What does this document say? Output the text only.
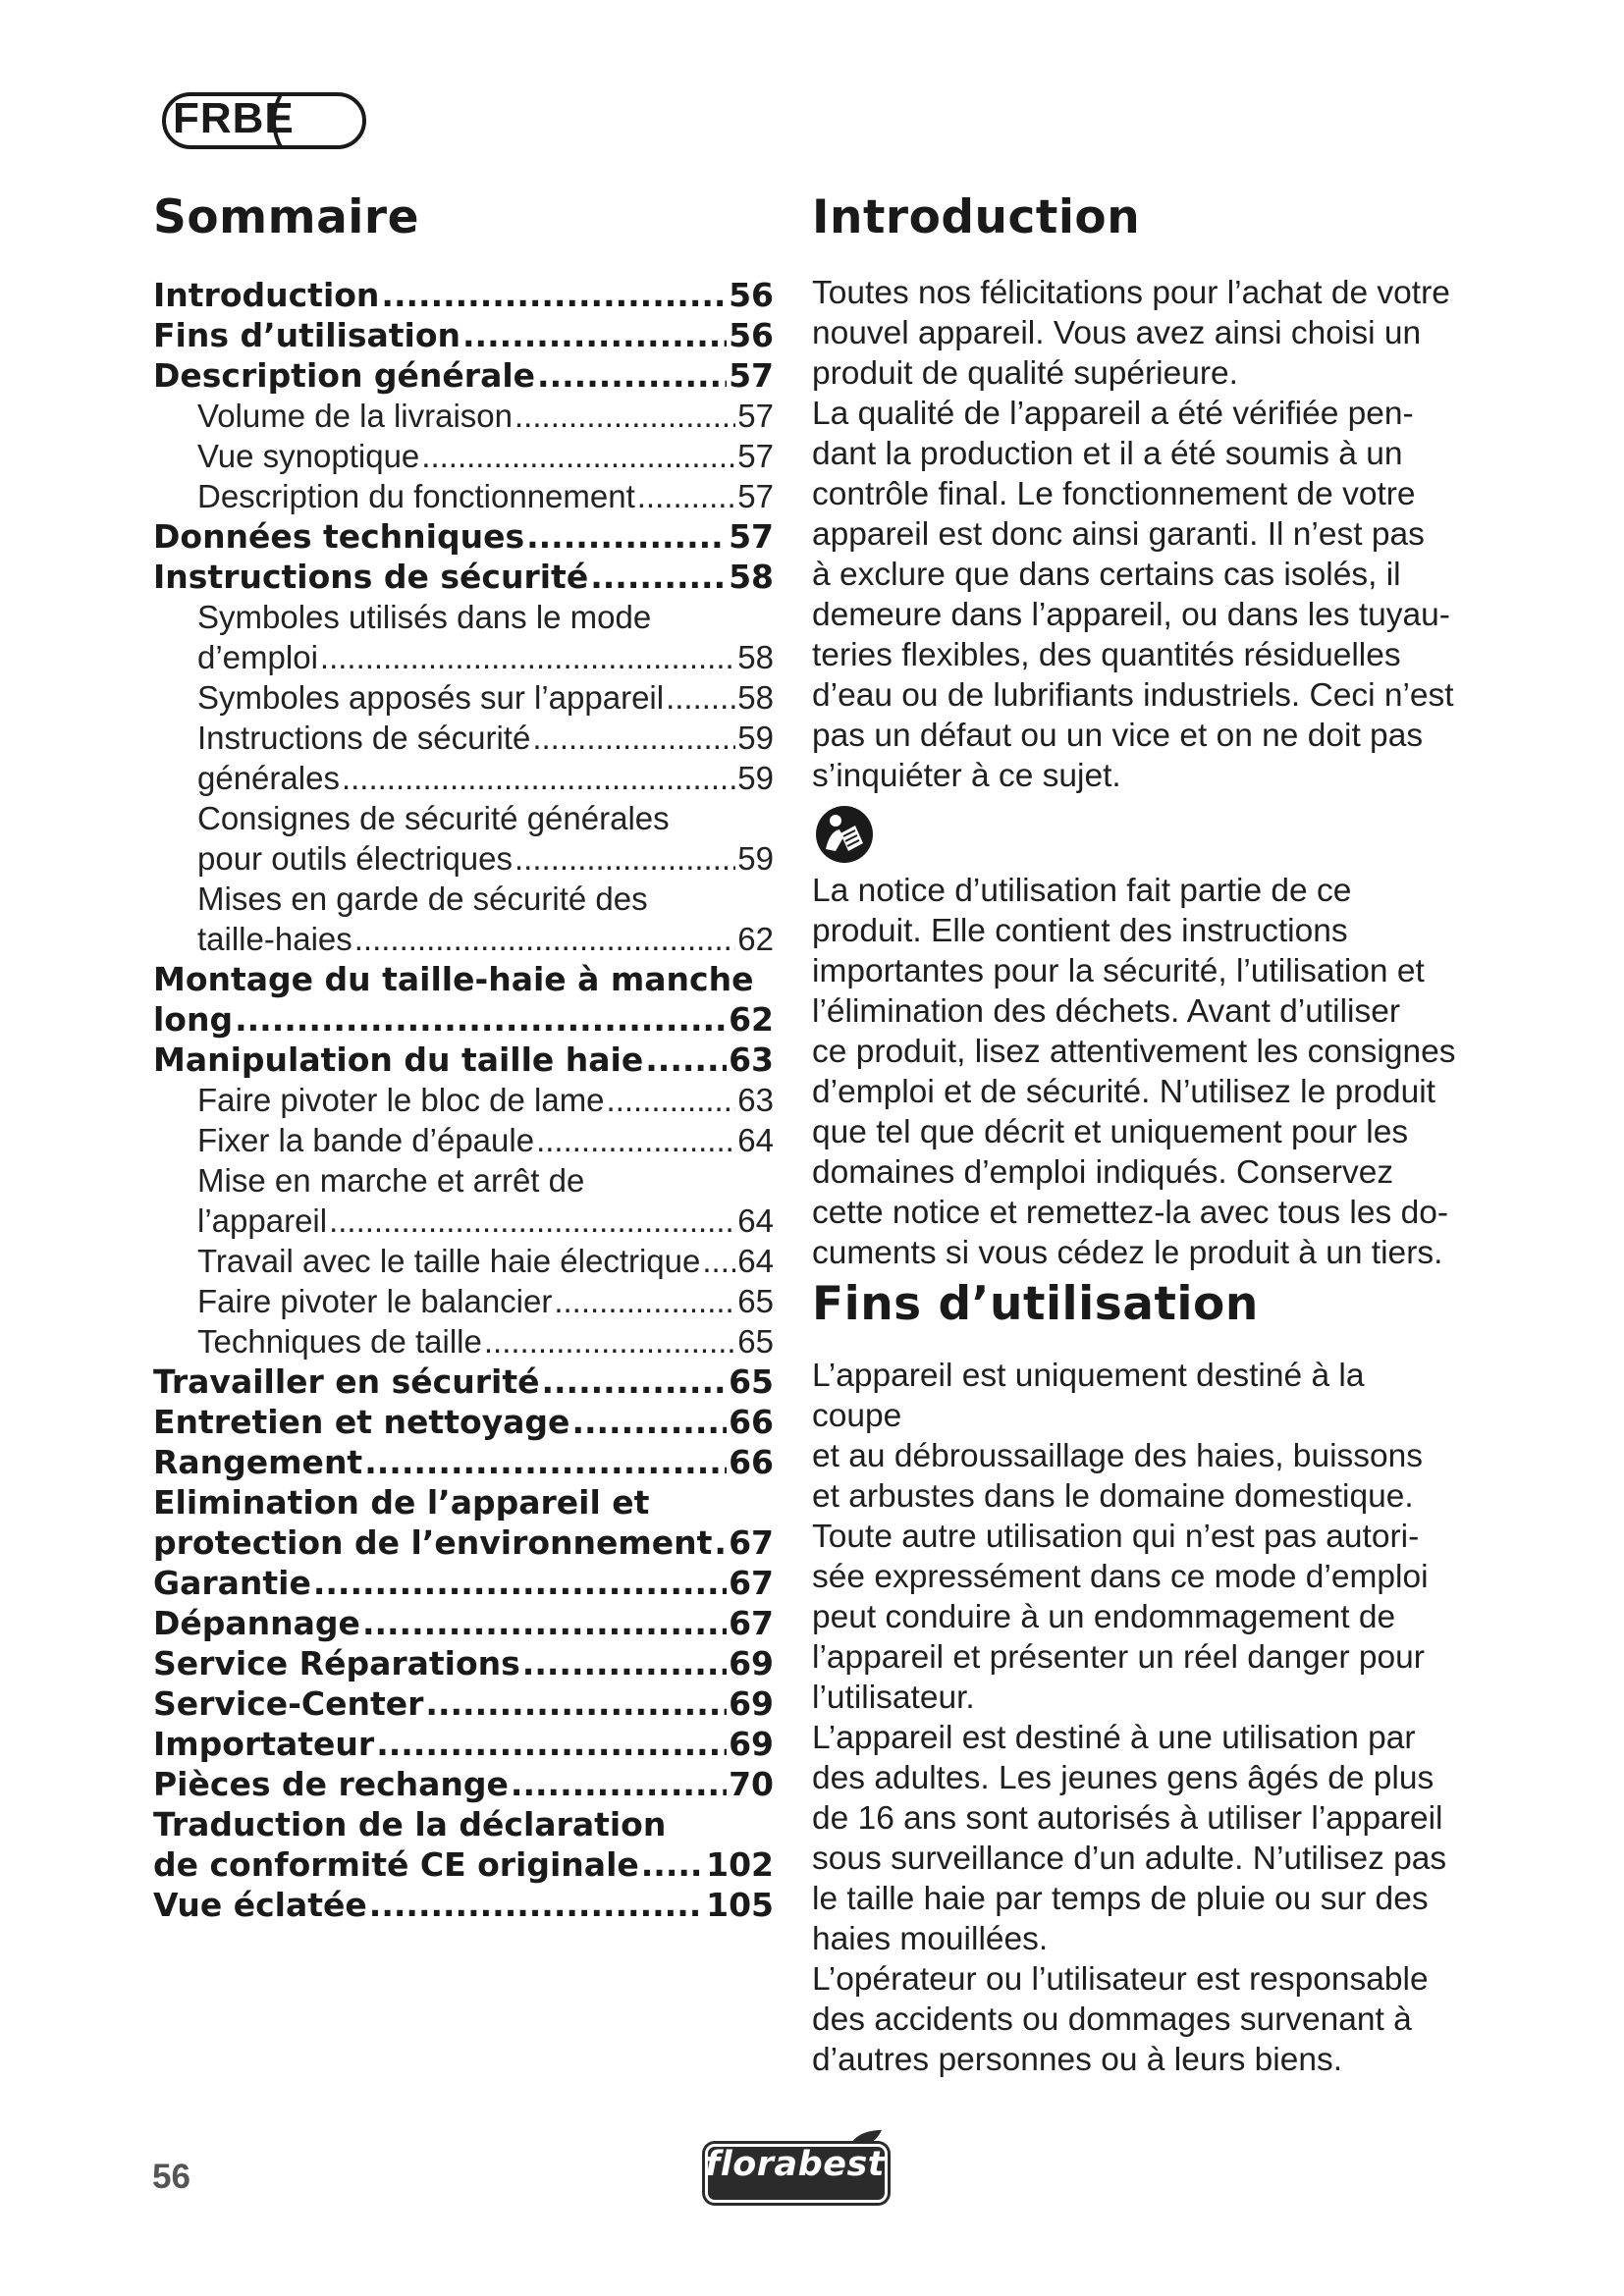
FRBE
Sommaire
Introduction .....	56
Fins d’utilisation .....	56
Description générale .....	57
Volume de la livraison .....	57
Vue synoptique .....	57
Description du fonctionnement .....	57
Données techniques .....	57
Instructions de sécurité .....	58
Symboles utilisés dans le mode
d’emploi .....	58
Symboles apposés sur l’appareil ..... 58
Instructions de sécurité .....	59
générales .....	59
Consignes de sécurité générales
pour outils électriques .....	59
Mises en garde de sécurité des
taille-haies .....	62
Montage du taille-haie à manche
long .....	62
Manipulation du taille haie .....	63
Faire pivoter le bloc de lame .....	63
Fixer la bande d’épaule .....	64
Mise en marche et arrêt de
l’appareil .....	64
Travail avec le taille haie électrique ..... 64
Faire pivoter le balancier .....	65
Techniques de taille .....	65
Travailler en sécurité .....	65
Entretien et nettoyage .....	66
Rangement .....	66
Elimination de l’appareil et
protection de l’environnement ..... 67
Garantie .....	67
Dépannage .....	67
Service Réparations .....	69
Service-Center .....	69
Importateur .....	69
Pièces de rechange .....	70
Traduction de la déclaration
de conformité CE originale ..... 102
Vue éclatée .....	105
Introduction

Toutes nos félicitations pour l’achat de votre

nouvel appareil. Vous avez ainsi choisi un

produit de qualité supérieure.

La qualité de l’appareil a été vérifiée pen-

dant la production et il a été soumis à un

contrôle final. Le fonctionnement de votre

appareil est donc ainsi garanti. Il n’est pas

à exclure que dans certains cas isolés, il

demeure dans l’appareil, ou dans les tuyau-

teries flexibles, des quantités résiduelles

d’eau ou de lubrifiants industriels. Ceci n’est

pas un défaut ou un vice et on ne doit pas

s’inquiéter à ce sujet.

La notice d’utilisation fait partie de ce

produit. Elle contient des instructions

importantes pour la sécurité, l’utilisation et

l’élimination des déchets. Avant d’utiliser

ce produit, lisez attentivement les consignes

d’emploi et de sécurité. N’utilisez le produit

que tel que décrit et uniquement pour les

domaines d’emploi indiqués. Conservez

cette notice et remettez-la avec tous les do-

cuments si vous cédez le produit à un tiers.

Fins d’utilisation

L’appareil est uniquement destiné à la coupe

et au débroussaillage des haies, buissons

et arbustes dans le domaine domestique.

Toute autre utilisation qui n’est pas autori-

sée expressément dans ce mode d’emploi

peut conduire à un endommagement de

l’appareil et présenter un réel danger pour

l’utilisateur.

L’appareil est destiné à une utilisation par

des adultes. Les jeunes gens âgés de plus

de 16 ans sont autorisés à utiliser l’appareil

sous surveillance d’un adulte. N’utilisez pas

le taille haie par temps de pluie ou sur des

haies mouillées.

L’opérateur ou l’utilisateur est responsable

des accidents ou dommages survenant à

d’autres personnes ou à leurs biens.

56	florabest
